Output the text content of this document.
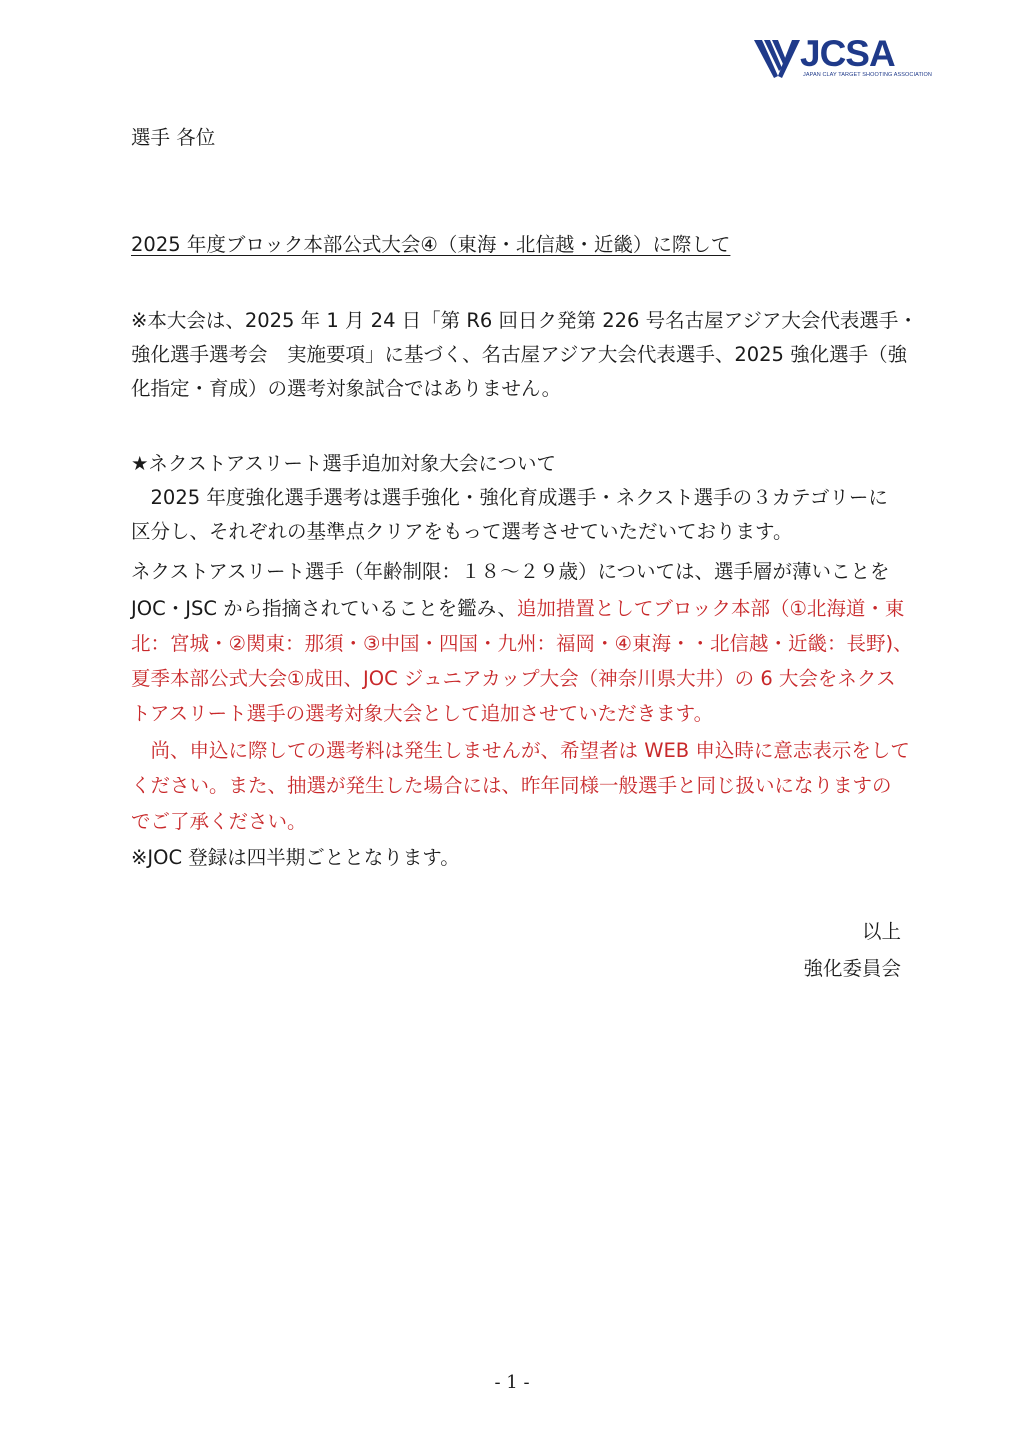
JCSA
JAPAN CLAY TARGET SHOOTING ASSOCIATION
選手 各位
2025 年度ブロック本部公式大会④（東海・北信越・近畿）に際して
※本大会は、2025 年 1 月 24 日「第 R6 回日ク発第 226 号名古屋アジア大会代表選手・
強化選手選考会　実施要項」に基づく、名古屋アジア大会代表選手、2025 強化選手（強
化指定・育成）の選考対象試合ではありません。
★ネクストアスリート選手追加対象大会について
　2025 年度強化選手選考は選手強化・強化育成選手・ネクスト選手の３カテゴリーに
区分し、それぞれの基準点クリアをもって選考させていただいております。
ネクストアスリート選手（年齢制限：１８～２９歳）については、選手層が薄いことを
JOC・JSC から指摘されていることを鑑み、追加措置としてブロック本部（①北海道・東
北：宮城・②関東：那須・③中国・四国・九州：福岡・④東海・・北信越・近畿：長野)、
夏季本部公式大会①成田、JOC ジュニアカップ大会（神奈川県大井）の 6 大会をネクス
トアスリート選手の選考対象大会として追加させていただきます。
　尚、申込に際しての選考料は発生しませんが、希望者は WEB 申込時に意志表示をして
ください。また、抽選が発生した場合には、昨年同様一般選手と同じ扱いになりますの
でご了承ください。
※JOC 登録は四半期ごととなります。
以上
強化委員会
- 1 -
